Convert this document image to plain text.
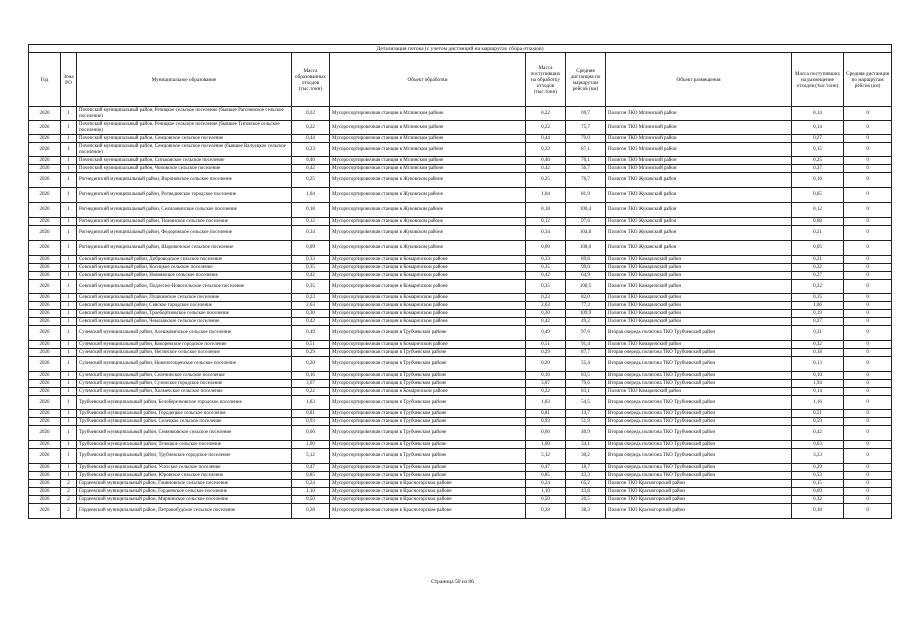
Детализация потока (с учетом дистанций на маршрутах сбора отходов)									
Год	Зона РО	Муниципальное образование	Масса образованных отходов (тыс.тонн)	Объект обработки	Масса поступивших на обработку отходов (тыс.тонн)	Средняя дистанция по маршрутам рейсов (км)	Объект размещения	Масса поступивших на размещение отходов (тыс.тонн)	Средняя дистанция по маршрутам рейсов (км)
2026	1	Почепский муниципальный район, Речицкое сельское поселение (бывшее Рагозинское сельское поселение)	0,22	Мусоросортировочная станция в Мглинском районе	0,22	69,7	Полигон ТКО Мглинский район	0,14	0
2026	1	Почепский муниципальный район, Речицкое сельское поселение (бывшее Титовское сельское поселение)	0,22	Мусоросортировочная станция в Мглинском районе	0,22	75,7	Полигон ТКО Мглинский район	0,14	0
2026	1	Почепский муниципальный район, Семцовское сельское поселение	0,44	Мусоросортировочная станция в Мглинском районе	0,44	79,0	Полигон ТКО Мглинский район	0,27	0
2026	1	Почепский муниципальный район, Семцовское сельское поселение (бывшее Валуецкое сельское поселение)	0,23	Мусоросортировочная станция в Мглинском районе	0,23	87,1	Полигон ТКО Мглинский район	0,15	0
2026	1	Почепский муниципальный район, Ситьковское сельское поселение	0,40	Мусоросортировочная станция в Мглинском районе	0,40	76,1	Полигон ТКО Мглинский район	0,25	0
2026	1	Почепский муниципальный район, Чоповское сельское поселение	0,42	Мусоросортировочная станция в Мглинском районе	0,42	56,7	Полигон ТКО Мглинский район	0,27	0
2026	1	Рогнединский муниципальный район, Вороновское сельское поселение	0,25	Мусоросортировочная станция в Жуковском районе	0,25	76,7	Полигон ТКО Жуковский район	0,16	0
2026	1	Рогнединский муниципальный район, Рогнединское городское поселение	1,04	Мусоросортировочная станция в Жуковском районе	1,04	81,9	Полигон ТКО Жуковский район	0,65	0
2026	1	Рогнединский муниципальный район, Селиловичское сельское поселение	0,18	Мусоросортировочная станция в Жуковском районе	0,18	100,4	Полигон ТКО Жуковский район	0,12	0
2026	1	Рогнединский муниципальный район, Тюнинское сельское поселение	0,12	Мусоросортировочная станция в Жуковском районе	0,12	97,6	Полигон ТКО Жуковский район	0,08	0
2026	1	Рогнединский муниципальный район, Федоровское сельское поселение	0,34	Мусоросортировочная станция в Жуковском районе	0,34	104,8	Полигон ТКО Жуковский район	0,21	0
2026	1	Рогнединский муниципальный район, Шаровичское сельское поселение	0,09	Мусоросортировочная станция в Жуковском районе	0,09	108,0	Полигон ТКО Жуковский район	0,05	0
2026	1	Севский муниципальный район, Доброводское сельское поселение	0,33	Мусоросортировочная станция в Комаричском районе	0,33	89,8	Полигон ТКО Комаричский район	0,21	0
2026	1	Севский муниципальный район, Косицкое сельское поселение	0,35	Мусоросортировочная станция в Комаричском районе	0,35	99,0	Полигон ТКО Комаричский район	0,22	0
2026	1	Севский муниципальный район, Новоямское сельское поселение	0,42	Мусоросортировочная станция в Комаричском районе	0,42	64,9	Полигон ТКО Комаричский район	0,27	0
2026	1	Севский муниципальный район, Подлесно-Новосельское сельское поселение	0,35	Мусоросортировочная станция в Комаричском районе	0,35	100,5	Полигон ТКО Комаричский район	0,22	0
2026	1	Севский муниципальный район, Пушкинское сельское поселение	0,23	Мусоросортировочная станция в Комаричском районе	0,23	82,0	Полигон ТКО Комаричский район	0,15	0
2026	1	Севский муниципальный район, Севское городское поселение	2,63	Мусоросортировочная станция в Комаричском районе	2,63	77,3	Полигон ТКО Комаричский район	1,66	0
2026	1	Севский муниципальный район, Троебортновское сельское поселение	0,30	Мусоросортировочная станция в Комаричском районе	0,30	109,9	Полигон ТКО Комаричский район	0,19	0
2026	1	Севский муниципальный район, Чемлыжское сельское поселение	0,42	Мусоросортировочная станция в Комаричском районе	0,42	49,2	Полигон ТКО Комаричский район	0,27	0
2026	1	Суземский муниципальный район, Алешковичское сельское поселение	0,49	Мусоросортировочная станция в Трубчевском районе	0,49	97,6	Вторая очередь полигона ТКО Трубчевский район	0,31	0
2026	1	Суземский муниципальный район, Кокоревское городское поселение	0,51	Мусоросортировочная станция в Комаричском районе	0,51	91,4	Полигон ТКО Комаричский район	0,32	0
2026	1	Суземский муниципальный район, Негинское сельское поселение	0,29	Мусоросортировочная станция в Трубчевском районе	0,29	87,7	Вторая очередь полигона ТКО Трубчевский район	0,18	0
2026	1	Суземский муниципальный район, Новопогощенское сельское поселение	0,20	Мусоросортировочная станция в Трубчевском районе	0,20	55,4	Вторая очередь полигона ТКО Трубчевский район	0,13	0
2026	1	Суземский муниципальный район, Селечинское сельское поселение	0,16	Мусоросортировочная станция в Трубчевском районе	0,16	83,5	Вторая очередь полигона ТКО Трубчевский район	0,10	0
2026	1	Суземский муниципальный район, Суземское городское поселение	3,07	Мусоросортировочная станция в Трубчевском районе	3,07	79,6	Вторая очередь полигона ТКО Трубчевский район	1,94	0
2026	1	Суземский муниципальный район, Холмечское сельское поселение	0,22	Мусоросортировочная станция в Комаричском районе	0,22	83,1	Полигон ТКО Комаричский район	0,14	0
2026	1	Трубчевский муниципальный район, Белоберезковское городское поселение	1,83	Мусоросортировочная станция в Трубчевском районе	1,83	54,5	Вторая очередь полигона ТКО Трубчевский район	1,16	0
2026	1	Трубчевский муниципальный район, Городецкое сельское поселение	0,81	Мусоросортировочная станция в Трубчевском районе	0,81	14,7	Вторая очередь полигона ТКО Трубчевский район	0,51	0
2026	1	Трубчевский муниципальный район, Селецкое сельское поселение	0,93	Мусоросортировочная станция в Трубчевском районе	0,93	51,9	Вторая очередь полигона ТКО Трубчевский район	0,59	0
2026	1	Трубчевский муниципальный район, Семячковское сельское поселение	0,66	Мусоросортировочная станция в Трубчевском районе	0,66	40,9	Вторая очередь полигона ТКО Трубчевский район	0,42	0
2026	1	Трубчевский муниципальный район, Телецкое сельское поселение	1,00	Мусоросортировочная станция в Трубчевском районе	1,00	34,1	Вторая очередь полигона ТКО Трубчевский район	0,63	0
2026	1	Трубчевский муниципальный район, Трубчевское городское поселение	5,12	Мусоросортировочная станция в Трубчевском районе	5,12	30,2	Вторая очередь полигона ТКО Трубчевский район	3,23	0
2026	1	Трубчевский муниципальный район, Усохское сельское поселение	0,47	Мусоросортировочная станция в Трубчевском районе	0,47	18,7	Вторая очередь полигона ТКО Трубчевский район	0,29	0
2026	1	Трубчевский муниципальный район, Юровское сельское поселение	0,85	Мусоросортировочная станция в Трубчевском районе	0,85	43,3	Вторая очередь полигона ТКО Трубчевский район	0,53	0
2026	2	Гордеевский муниципальный район, Глинновское сельское поселение	0,24	Мусоросортировочная станция в Красногорском районе	0,24	65,2	Полигон ТКО Красногорский район	0,15	0
2026	2	Гордеевский муниципальный район, Гордеевское сельское поселение	1,10	Мусоросортировочная станция в Красногорском районе	1,10	43,8	Полигон ТКО Красногорский район	0,69	0
2026	2	Гордеевский муниципальный район, Мирнинское сельское поселение	0,50	Мусоросортировочная станция в Красногорском районе	0,50	26,5	Полигон ТКО Красногорский район	0,32	0
2026	2	Гордеевский муниципальный район, Петровобудское сельское поселение	0,28	Мусоросортировочная станция в Красногорском районе	0,28	38,3	Полигон ТКО Красногорский район	0,18	0
Страница 50 из 86
